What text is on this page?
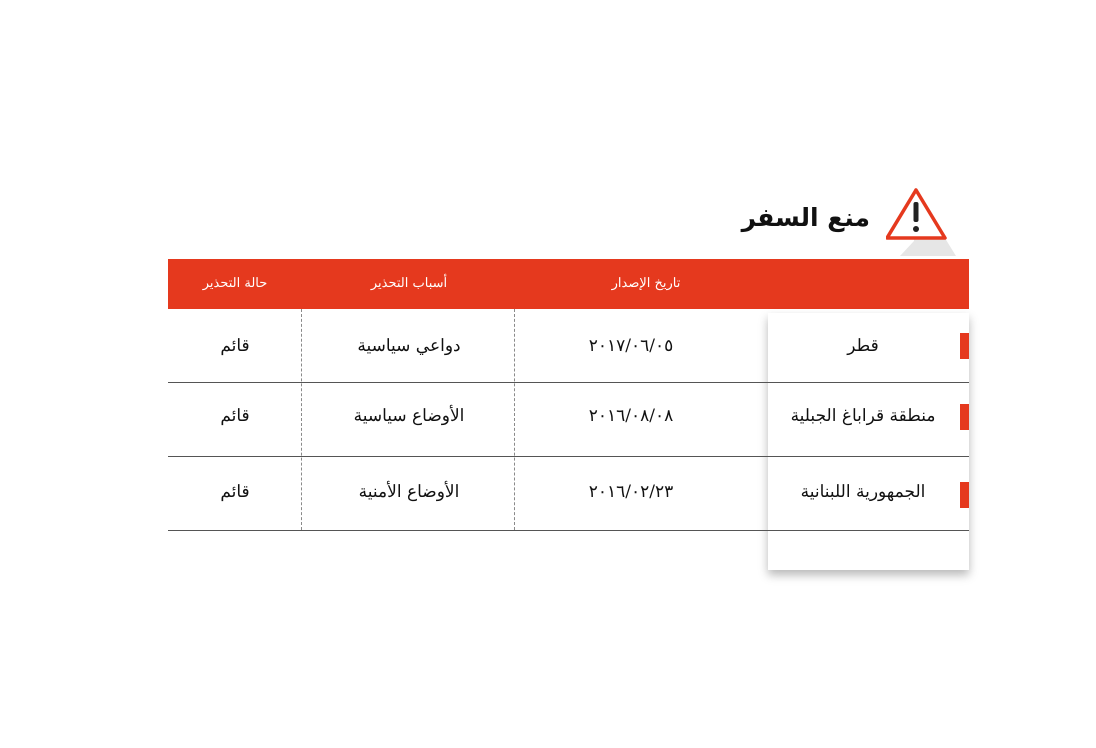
منع السفر
البلد
تاريخ الإصدار
أسباب التحذير
حالة التحذير
قطر
٢٠١٧/٠٦/٠٥
دواعي سياسية
قائم
منطقة قراباغ الجبلية
٢٠١٦/٠٨/٠٨
الأوضاع سياسية
قائم
الجمهورية اللبنانية
٢٠١٦/٠٢/٢٣
الأوضاع الأمنية
قائم
